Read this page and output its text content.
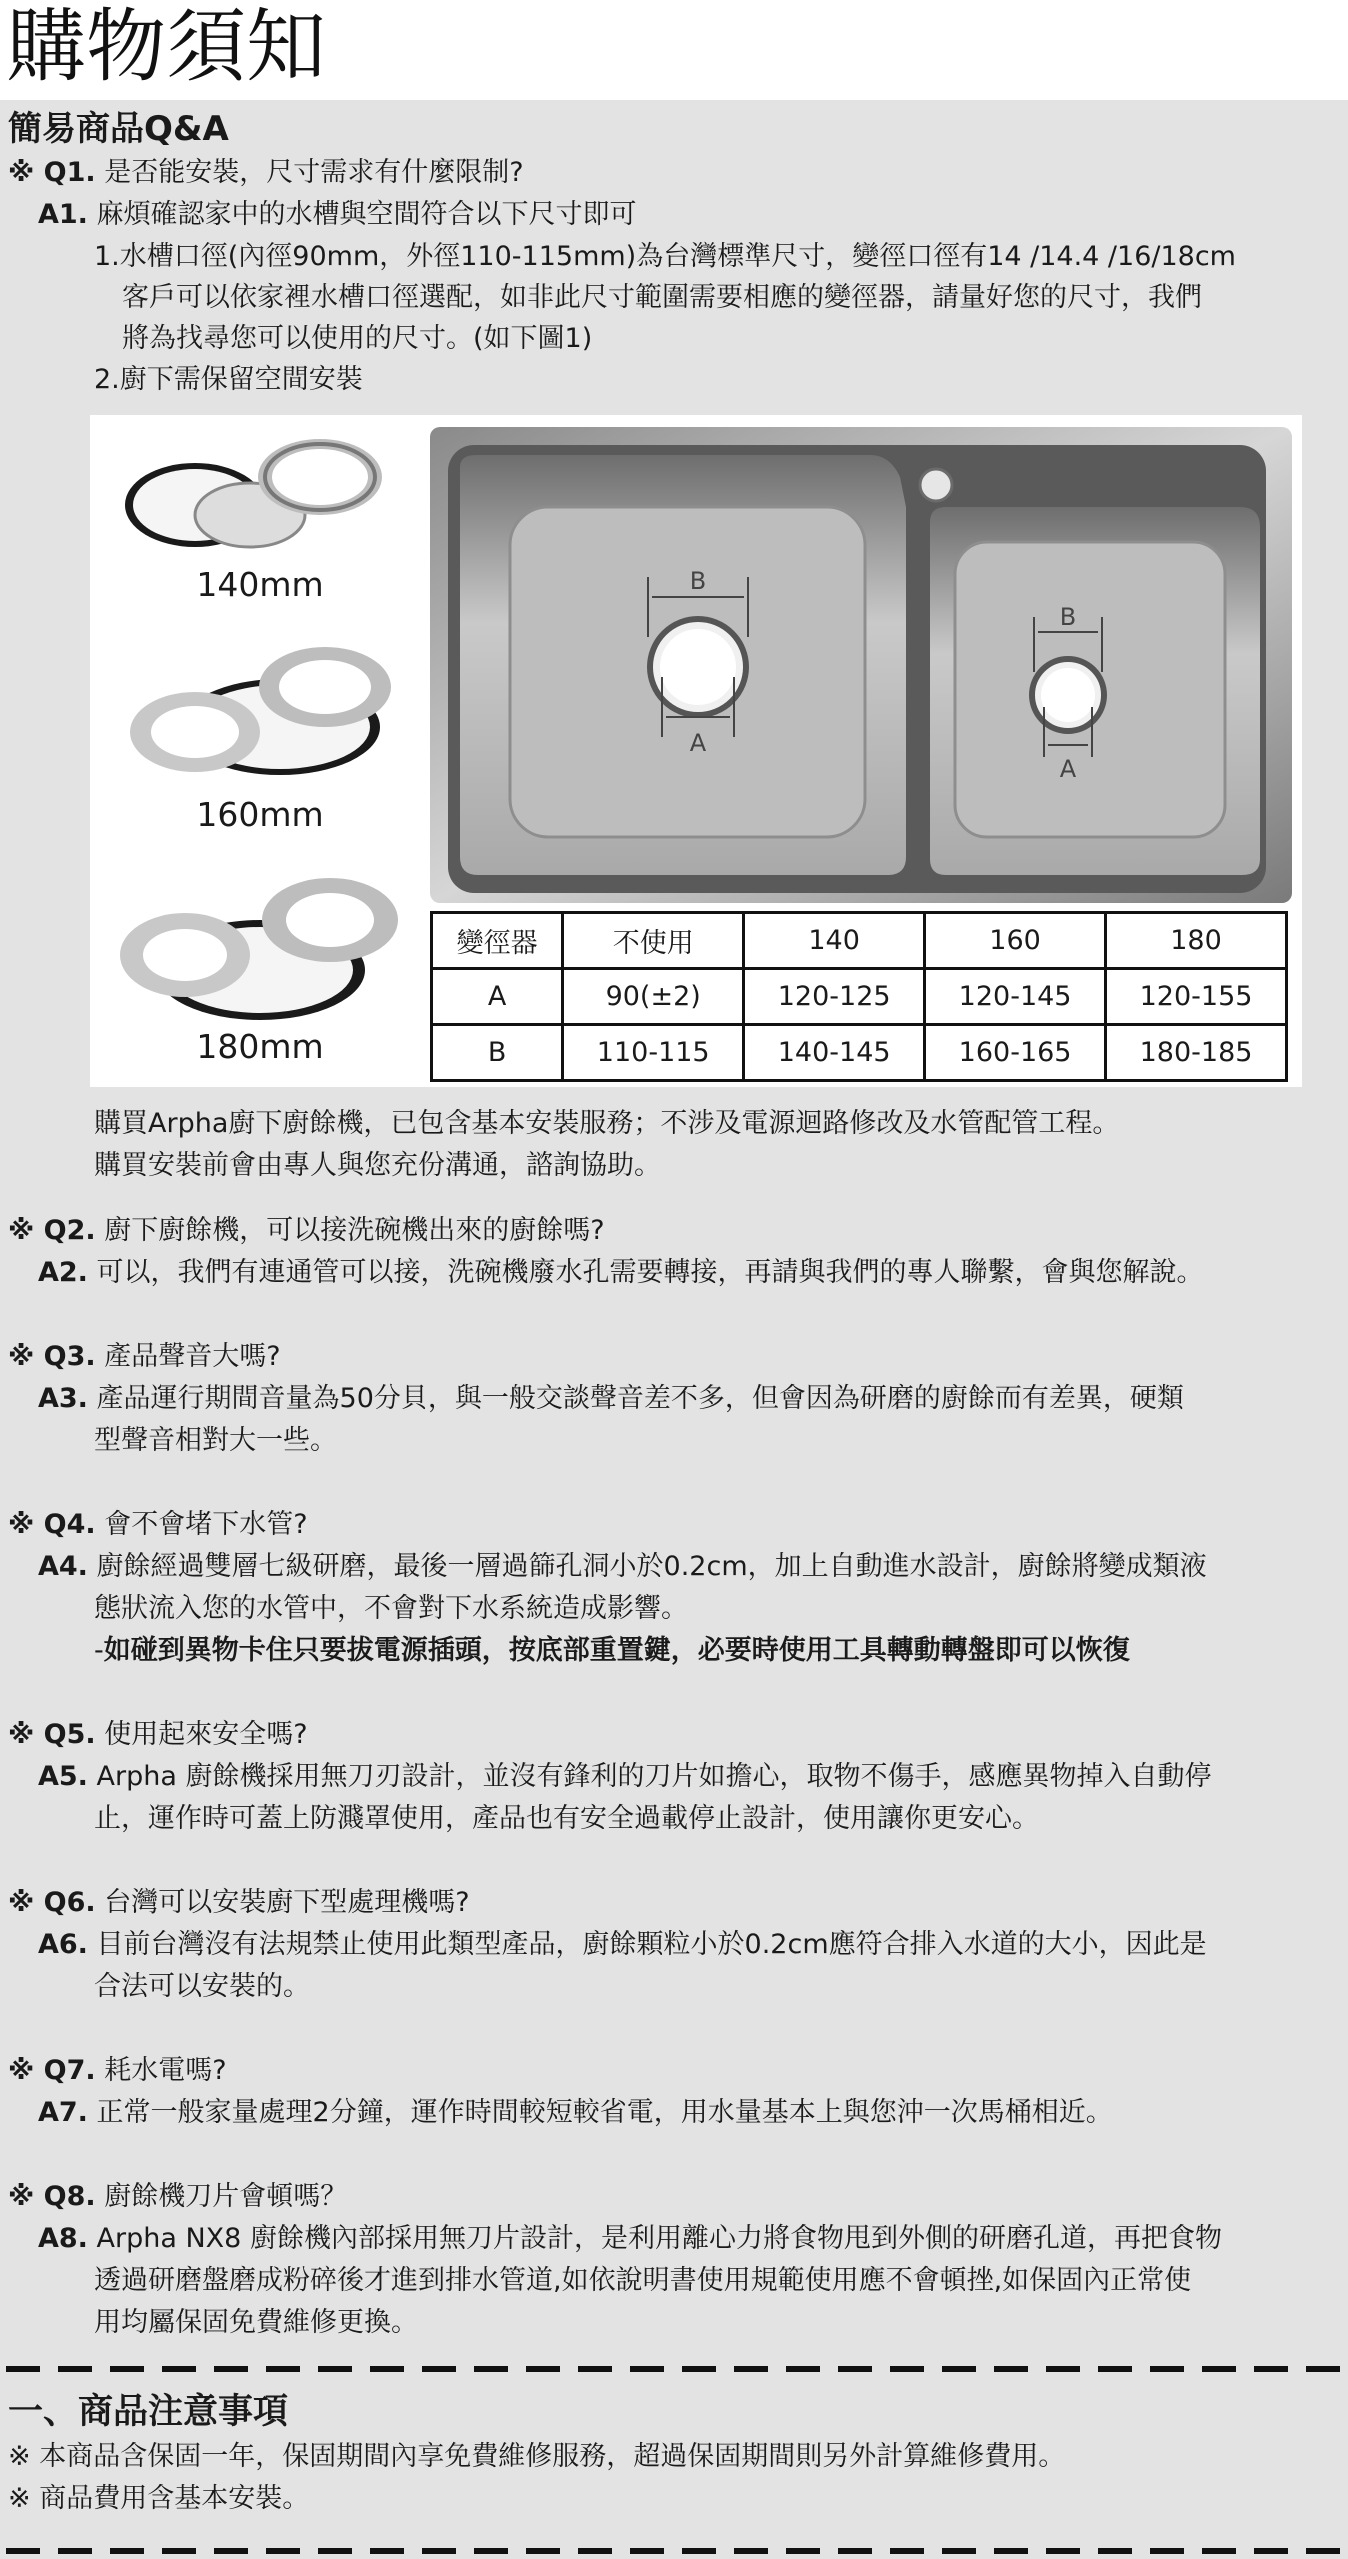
購物須知
簡易商品Q&A
※ Q1. 是否能安裝，尺寸需求有什麼限制?
A1. 麻煩確認家中的水槽與空間符合以下尺寸即可
1.水槽口徑(內徑90mm，外徑110-115mm)為台灣標準尺寸，變徑口徑有14 /14.4 /16/18cm
客戶可以依家裡水槽口徑選配，如非此尺寸範圍需要相應的變徑器，請量好您的尺寸，我們
將為找尋您可以使用的尺寸。(如下圖1)
2.廚下需保留空間安裝
140mm
160mm
180mm
B
A
B
A
變徑器	不使用	140	160	180
A	90(±2)	120-125	120-145	120-155
B	110-115	140-145	160-165	180-185
購買Arpha廚下廚餘機，已包含基本安裝服務；不涉及電源迴路修改及水管配管工程。
購買安裝前會由專人與您充份溝通，諮詢協助。
※ Q2. 廚下廚餘機，可以接洗碗機出來的廚餘嗎?
A2. 可以，我們有連通管可以接，洗碗機廢水孔需要轉接，再請與我們的專人聯繫，會與您解說。
※ Q3. 產品聲音大嗎?
A3. 產品運行期間音量為50分貝，與一般交談聲音差不多，但會因為研磨的廚餘而有差異，硬類
型聲音相對大一些。
※ Q4. 會不會堵下水管?
A4. 廚餘經過雙層七級研磨，最後一層過篩孔洞小於0.2cm，加上自動進水設計，廚餘將變成類液
態狀流入您的水管中，不會對下水系統造成影響。
-如碰到異物卡住只要拔電源插頭，按底部重置鍵，必要時使用工具轉動轉盤即可以恢復
※ Q5. 使用起來安全嗎?
A5. Arpha 廚餘機採用無刀刃設計，並沒有鋒利的刀片如擔心，取物不傷手，感應異物掉入自動停
止，運作時可蓋上防濺罩使用，產品也有安全過載停止設計，使用讓你更安心。
※ Q6. 台灣可以安裝廚下型處理機嗎?
A6. 目前台灣沒有法規禁止使用此類型產品，廚餘顆粒小於0.2cm應符合排入水道的大小，因此是
合法可以安裝的。
※ Q7. 耗水電嗎?
A7. 正常一般家量處理2分鐘，運作時間較短較省電，用水量基本上與您沖一次馬桶相近。
※ Q8. 廚餘機刀片會頓嗎？
A8. Arpha NX8 廚餘機內部採用無刀片設計，是利用離心力將食物甩到外側的研磨孔道，再把食物
透過研磨盤磨成粉碎後才進到排水管道,如依說明書使用規範使用應不會頓挫,如保固內正常使
用均屬保固免費維修更換。
一、商品注意事項
※ 本商品含保固一年，保固期間內享免費維修服務，超過保固期間則另外計算維修費用。
※ 商品費用含基本安裝。
